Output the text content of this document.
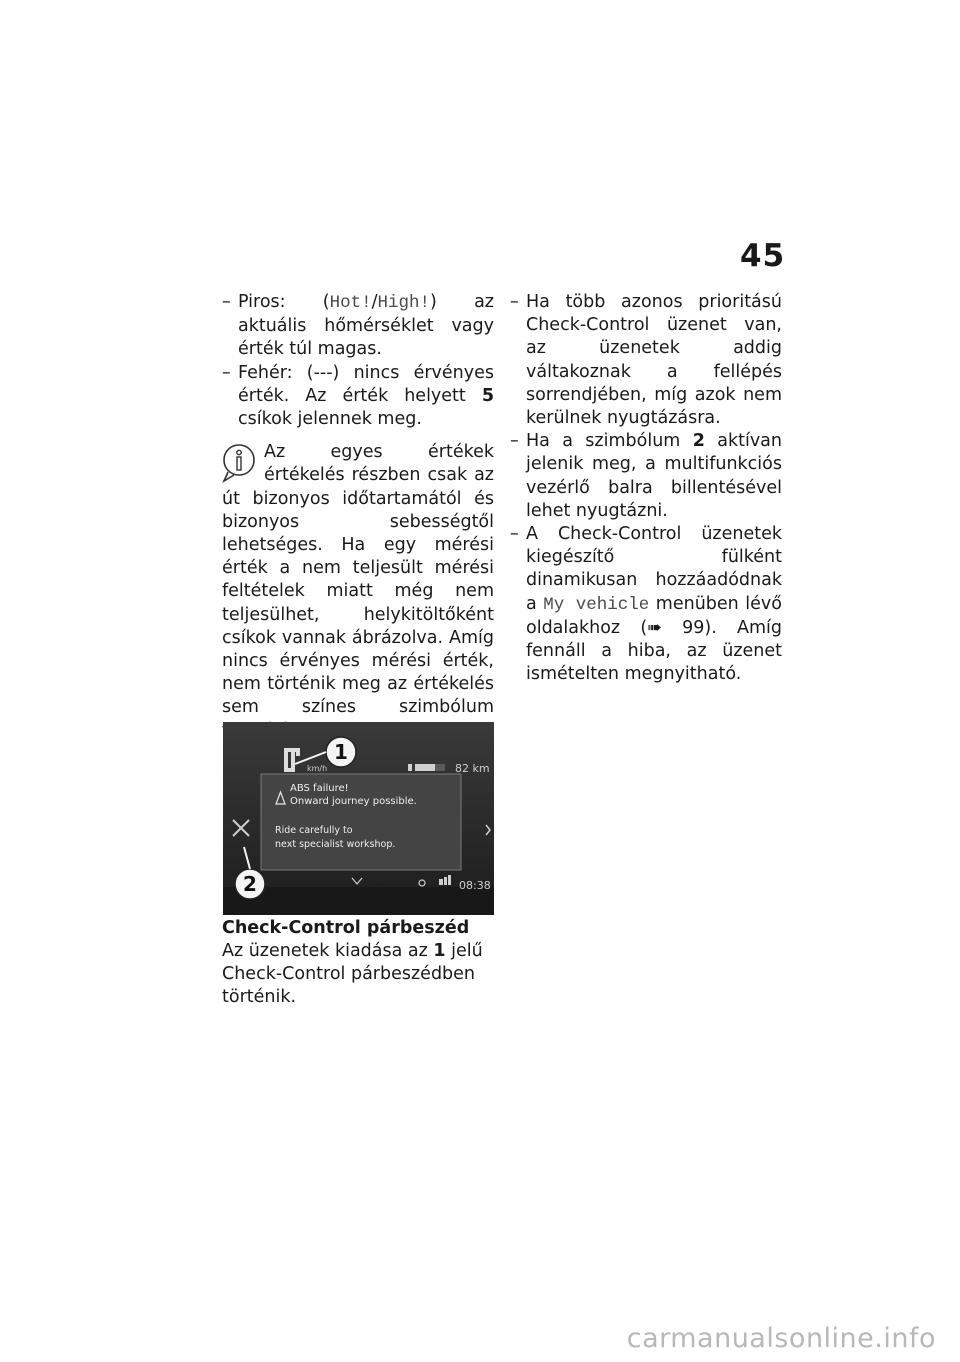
45
– Piros: (Hot!/High!) az aktuális hőmérséklet vagy érték túl magas.
– Fehér: (---) nincs érvényes érték. Az érték helyett 5 csíkok jelennek meg.
Az egyes értékek értékelés részben csak az út bizonyos időtartamától és bizonyos sebességtől lehetséges. Ha egy mérési érték a nem teljesült mérési feltételek miatt még nem teljesülhet, helykitöltőként csíkok vannak ábrázolva. Amíg nincs érvényes mérési érték, nem történik meg az értékelés sem színes szimbólum
1
2
km/h	82 km
ABS failure!
Onward journey possible.
Ride carefully to
next specialist workshop.
08:38
Check-Control párbeszéd
Az üzenetek kiadása az 1 jelű Check-Control párbeszédben történik.
– Ha több azonos prioritású Check-Control üzenet van, az üzenetek addig váltakoznak a fellépés sorrendjében, míg azok nem kerülnek nyugtázásra.
– Ha a szimbólum 2 aktívan jelenik meg, a multifunkciós vezérlő balra billentésével lehet nyugtázni.
– A Check-Control üzenetek kiegészítő fülként dinamikusan hozzáadódnak a My vehicle menüben lévő oldalakhoz (➠ 99). Amíg fennáll a hiba, az üzenet ismételten megnyitható.
carmanualsonline.info
